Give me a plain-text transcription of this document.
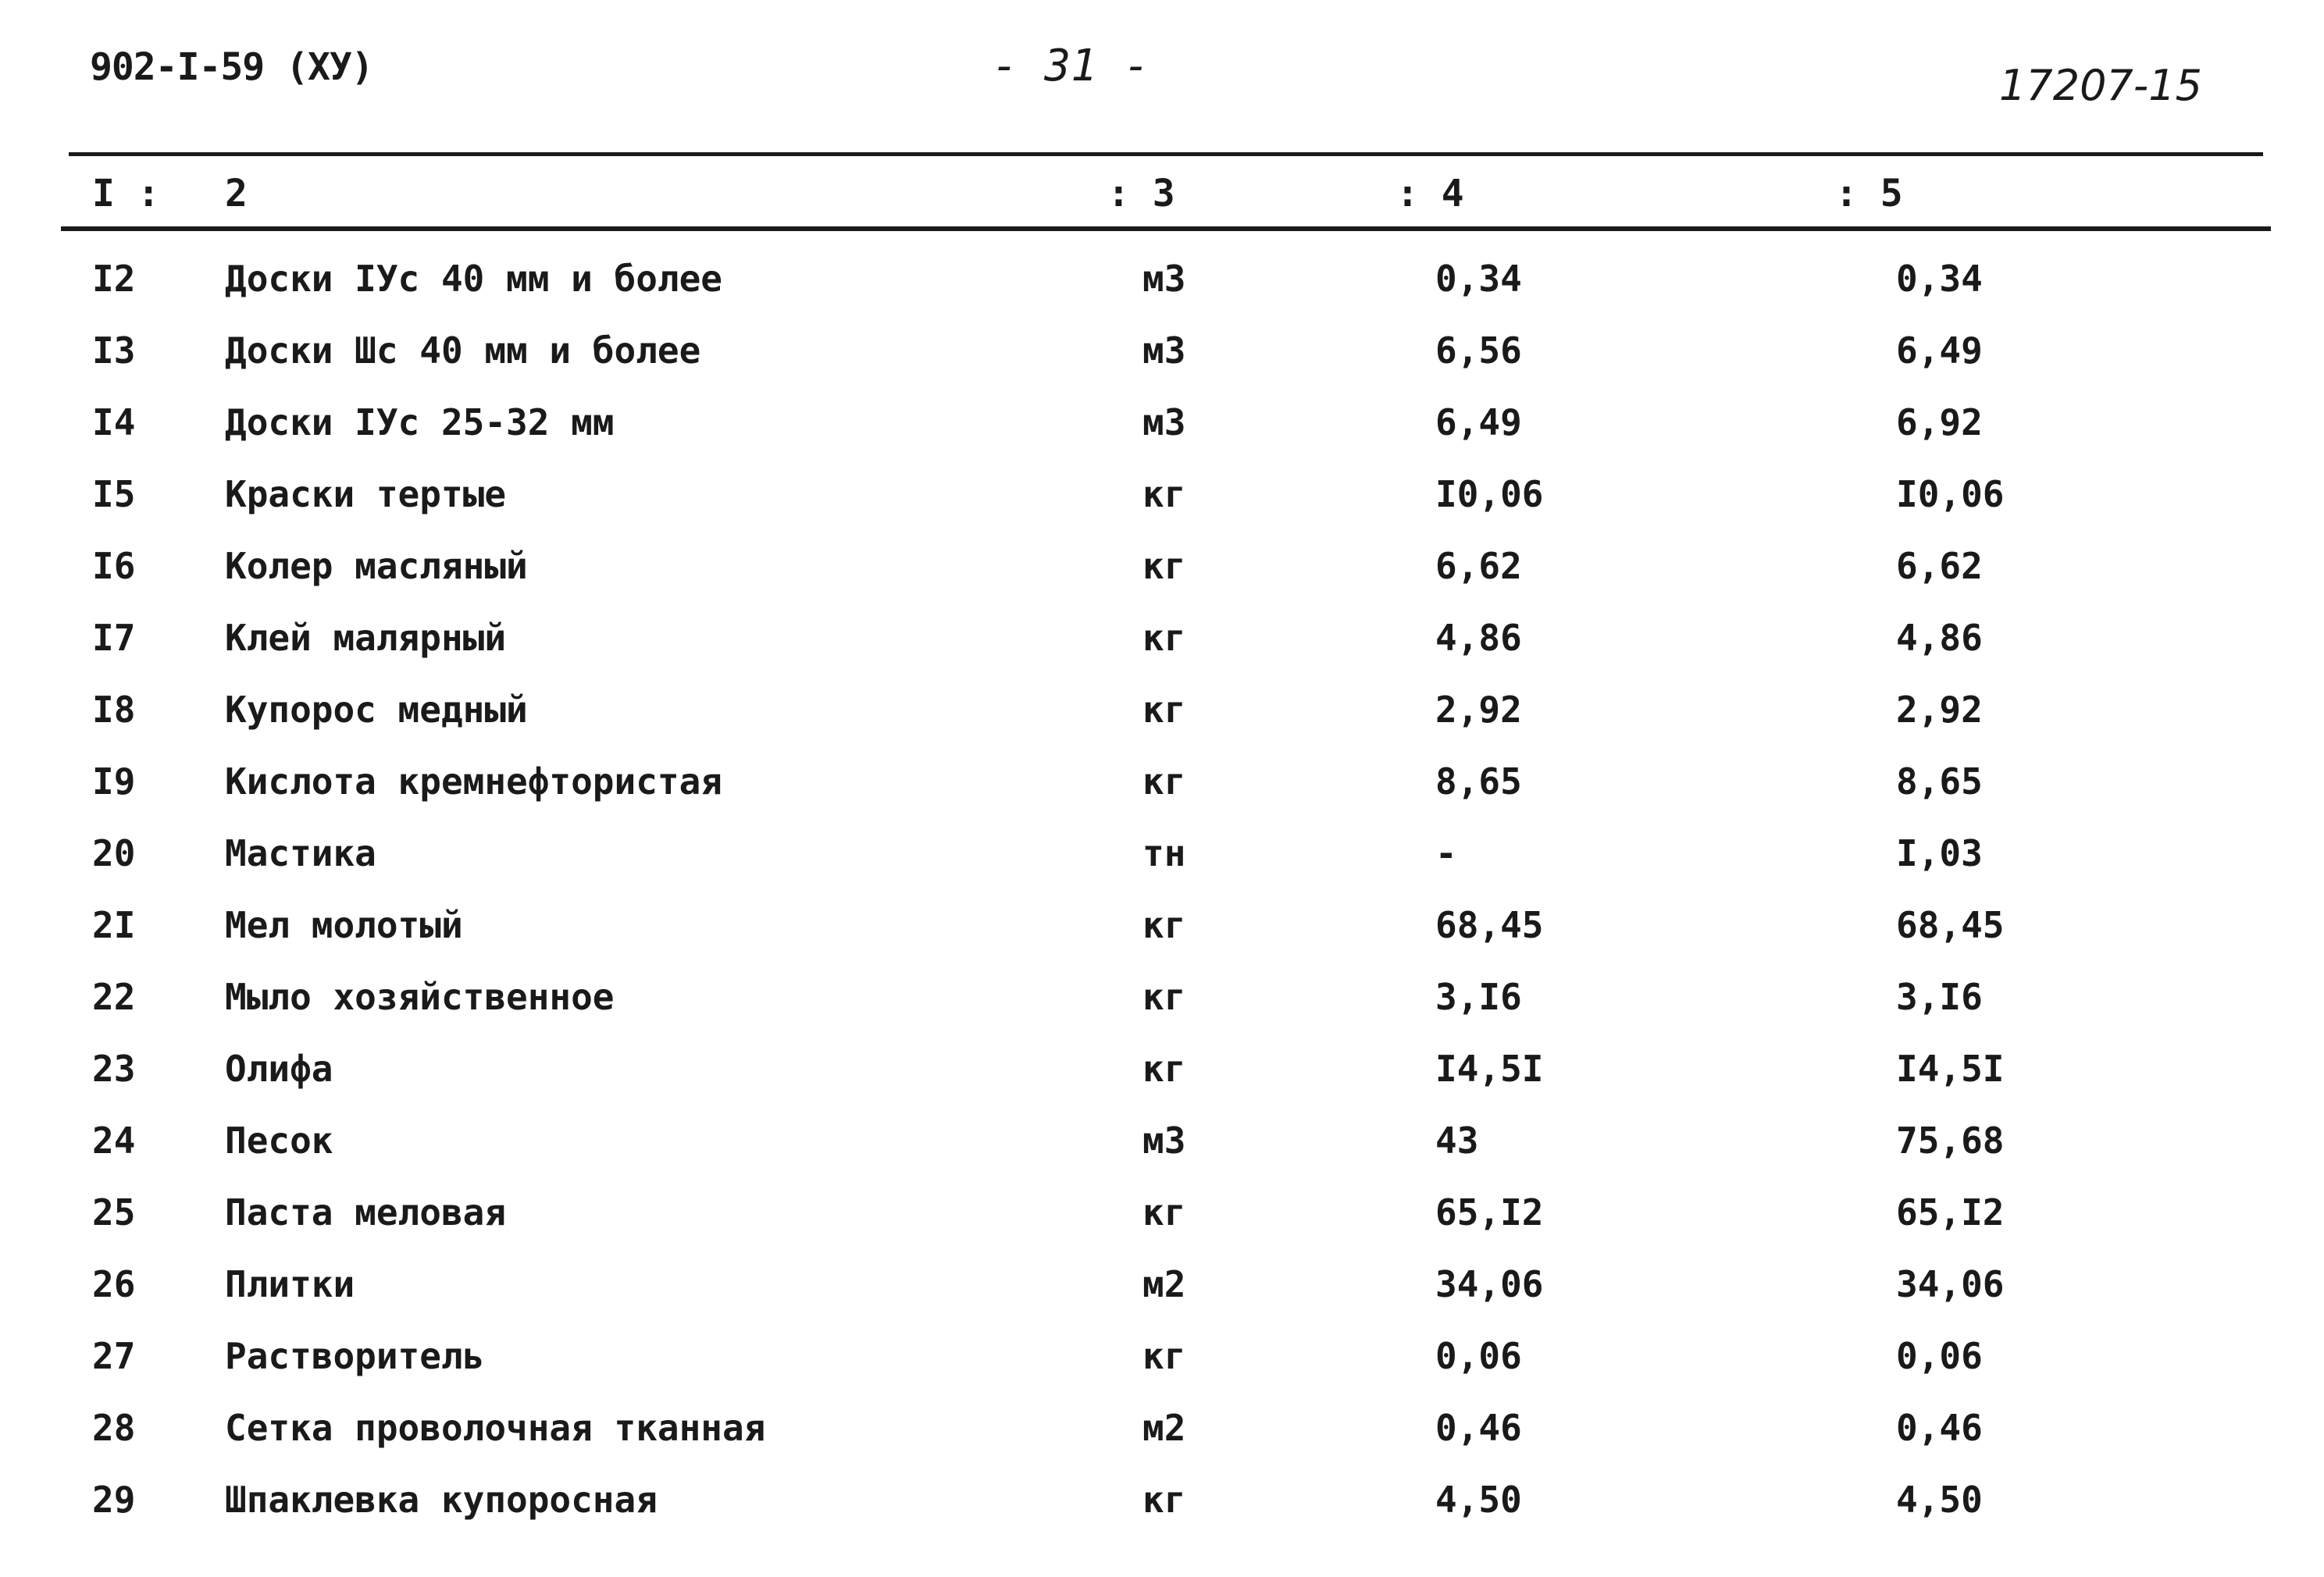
902-I-59 (XУ)	- 31 -	17207-15
I : 2	: 3	: 4	: 5
I2 Доски IУс 40 мм и более	м3	0,34	0,34
I3 Доски Шс 40 мм и более	м3	6,56	6,49
I4 Доски IУс 25-32 мм	м3	6,49	6,92
I5 Краски тертые	кг	I0,06	I0,06
I6 Колер масляный	кг	6,62	6,62
I7 Клей малярный	кг	4,86	4,86
I8 Купорос медный	кг	2,92	2,92
I9 Кислота кремнефтористая	кг	8,65	8,65
20 Мастика	тн	-	I,03
2I Мел молотый	кг	68,45	68,45
22 Мыло хозяйственное	кг	3,I6	3,I6
23 Олифа	кг	I4,5I	I4,5I
24 Песок	м3	43	75,68
25 Паста меловая	кг	65,I2	65,I2
26 Плитки	м2	34,06	34,06
27 Растворитель	кг	0,06	0,06
28 Сетка проволочная тканная	м2	0,46	0,46
29 Шпаклевка купоросная	кг	4,50	4,50
